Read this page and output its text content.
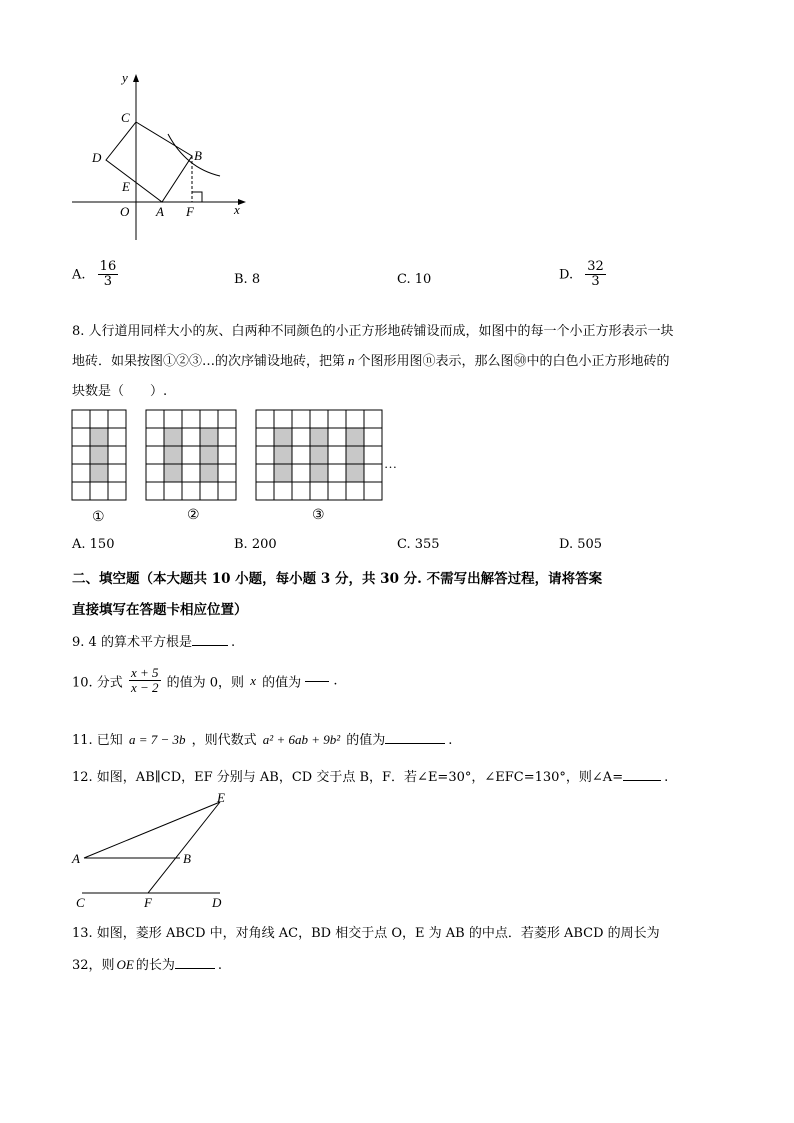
y
x
C
D	B
E
O A F
A. $\frac{16}{3}$	B. 8	C. 10	D. $\frac{32}{3}$
8. 人行道用同样大小的灰、白两种不同颜色的小正方形地砖铺设而成，如图中的每一个小正方形表示一块
地砖．如果按图①②③…的次序铺设地砖，把第 n 个图形用图ⓝ表示，那么图㊿中的白色小正方形地砖的
块数是（　　）.
①	②	③
…
A. 150	B. 200	C. 355	D. 505
二、填空题（本大题共 10 小题，每小题 3 分，共 30 分. 不需写出解答过程，请将答案
直接填写在答题卡相应位置）
9. 4 的算术平方根是	.
10. 分式 $\frac{x + 5}{x - 2}$ 的值为 0，则 x 的值为 .
11. 已知 a = 7 − 3b ，则代数式 a² + 6ab + 9b² 的值为	.
12. 如图，AB∥CD，EF 分别与 AB，CD 交于点 B，F．若∠E=30°，∠EFC=130°，则∠A=	.
E
A	B
C	F	D
13. 如图，菱形 ABCD 中，对角线 AC，BD 相交于点 O，E 为 AB 的中点．若菱形 ABCD 的周长为
32，则 OE 的长为	.
